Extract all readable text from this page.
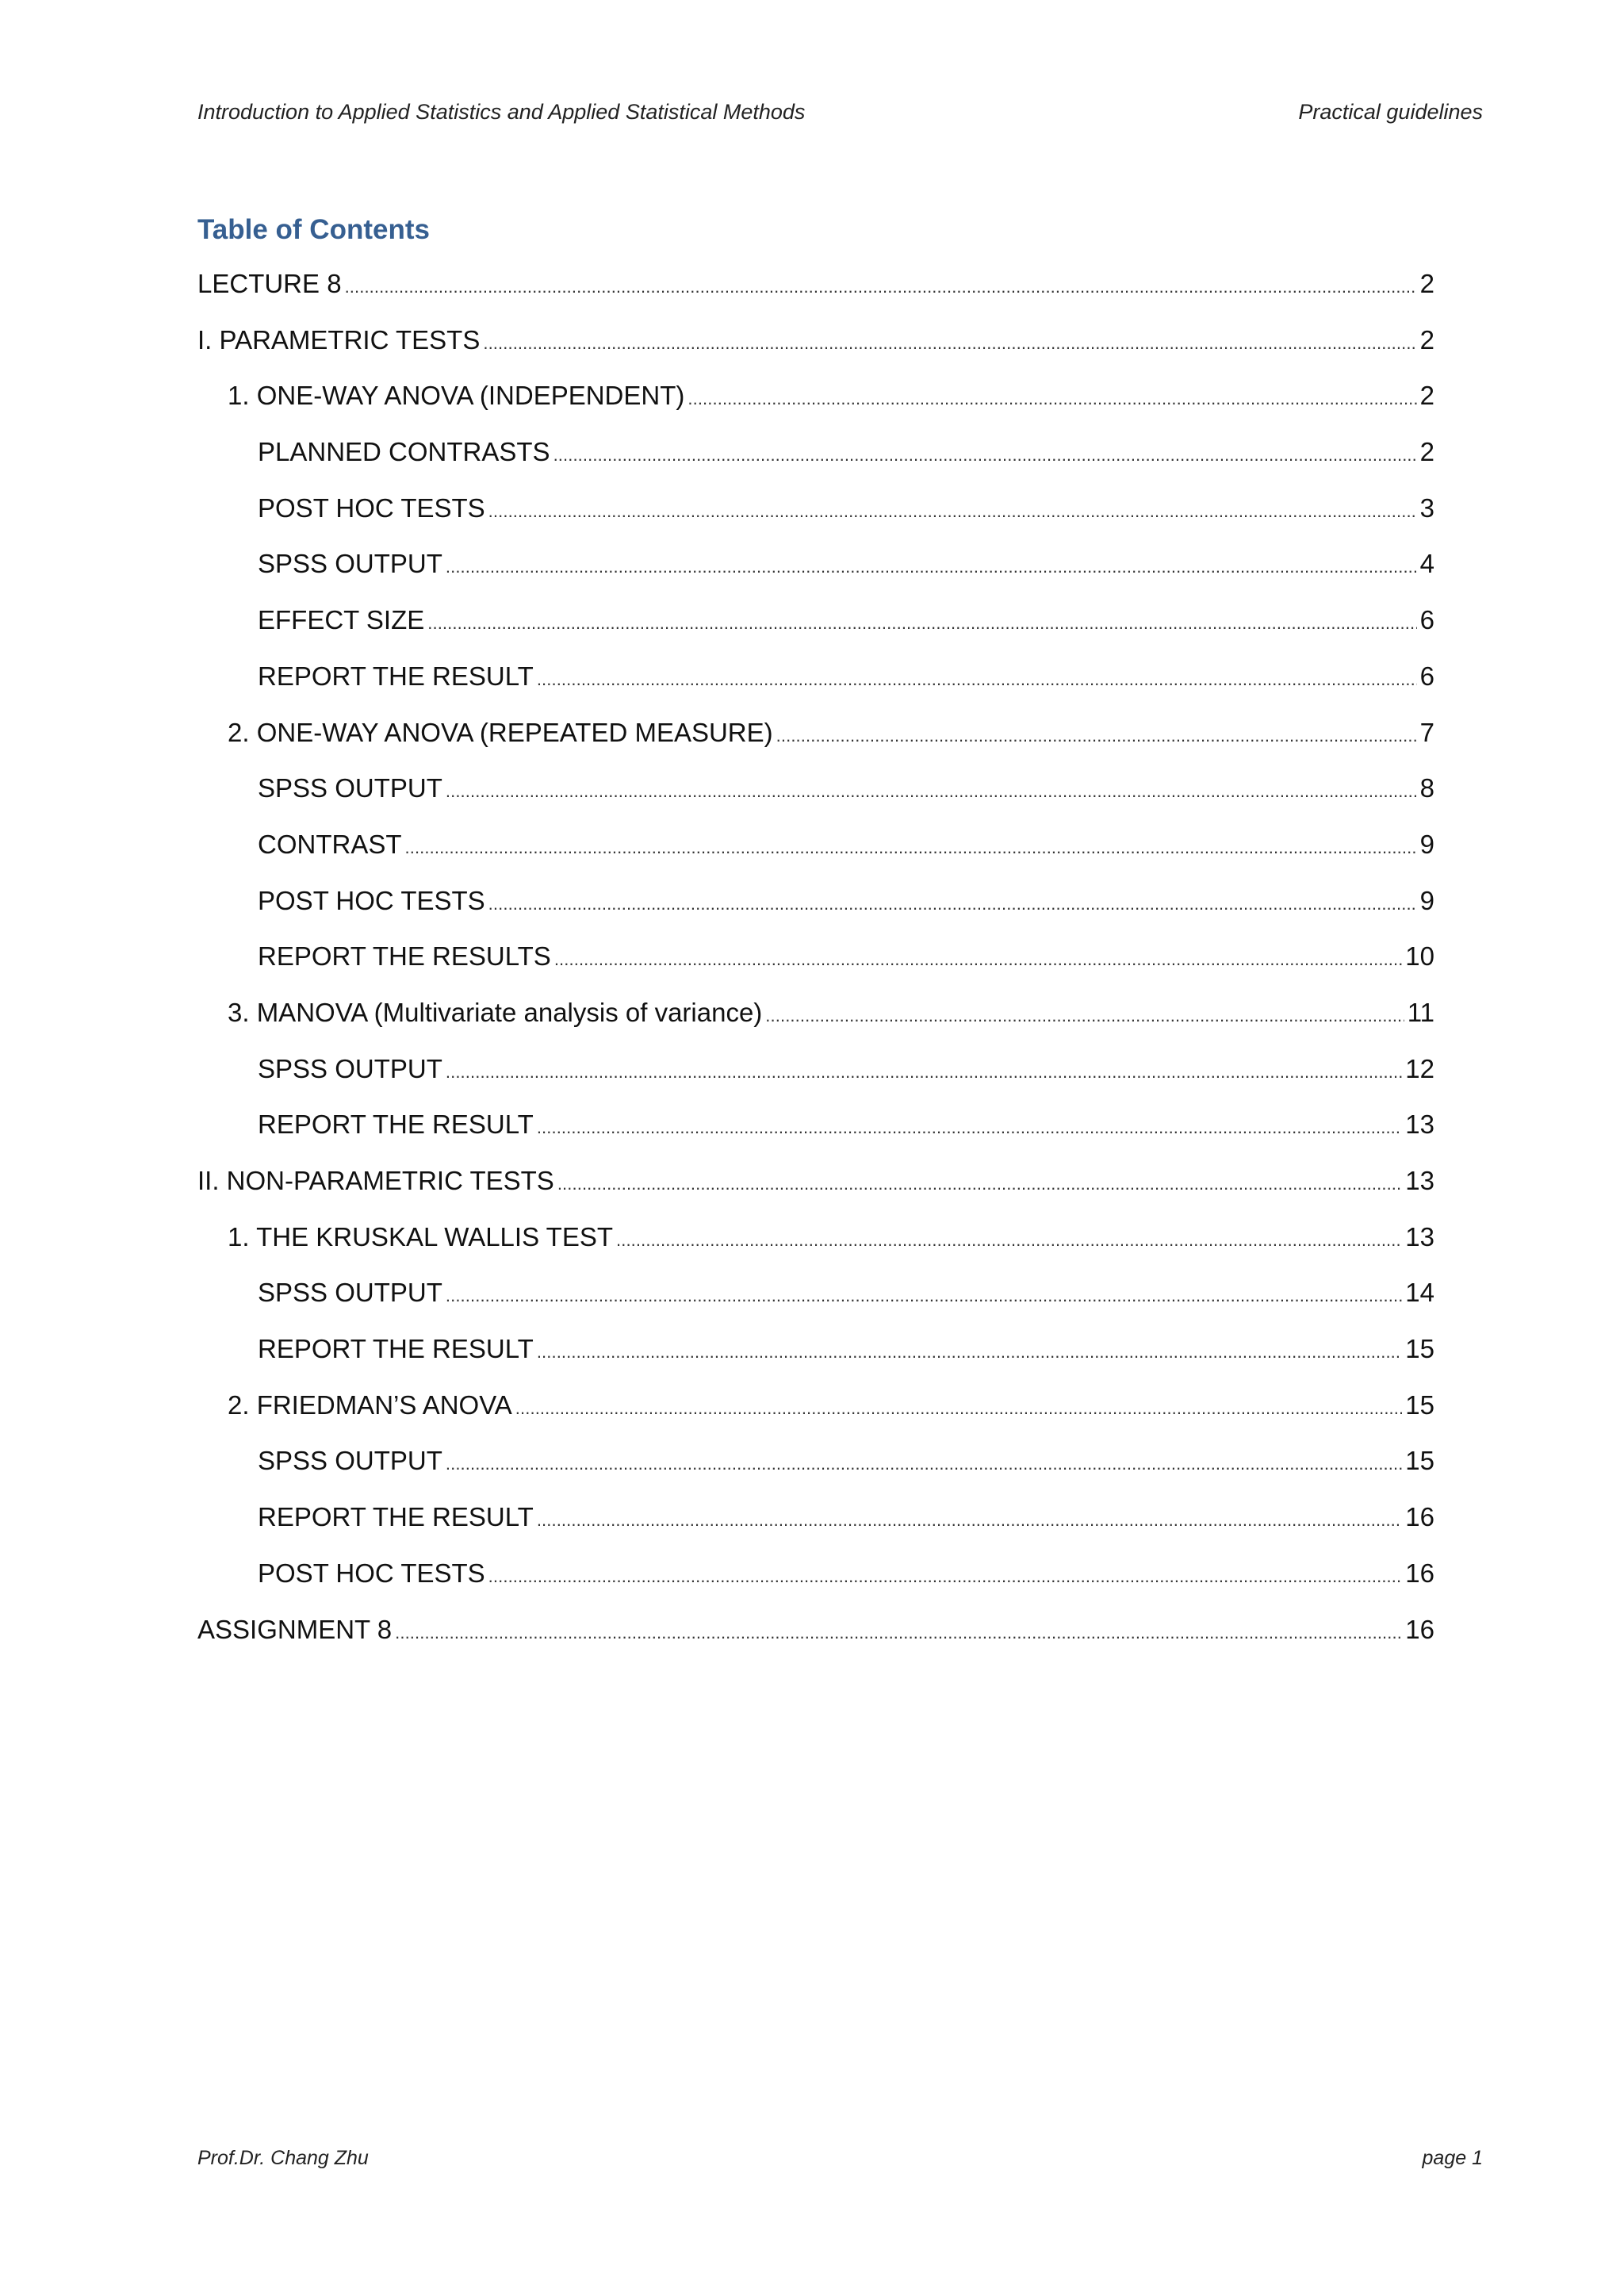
Introduction to Applied Statistics and Applied Statistical Methods	Practical guidelines
Table of Contents
LECTURE 8 . . .	2
I. PARAMETRIC TESTS . . .	2
1. ONE-WAY ANOVA (INDEPENDENT) . . .	2
PLANNED CONTRASTS . . .	2
POST HOC TESTS . . .	3
SPSS OUTPUT . . .	4
EFFECT SIZE . . .	6
REPORT THE RESULT . . .	6
2. ONE-WAY ANOVA (REPEATED MEASURE) . . .	7
SPSS OUTPUT . . .	8
CONTRAST . . .	9
POST HOC TESTS . . .	9
REPORT THE RESULTS . . .	10
3. MANOVA (Multivariate analysis of variance) . . .	11
SPSS OUTPUT . . .	12
REPORT THE RESULT . . .	13
II. NON-PARAMETRIC TESTS . . .	13
1. THE KRUSKAL WALLIS TEST . . .	13
SPSS OUTPUT . . .	14
REPORT THE RESULT . . .	15
2. FRIEDMAN’S ANOVA . . .	15
SPSS OUTPUT . . .	15
REPORT THE RESULT . . .	16
POST HOC TESTS . . .	16
ASSIGNMENT 8 . . .	16
Prof.Dr. Chang Zhu	page 1
